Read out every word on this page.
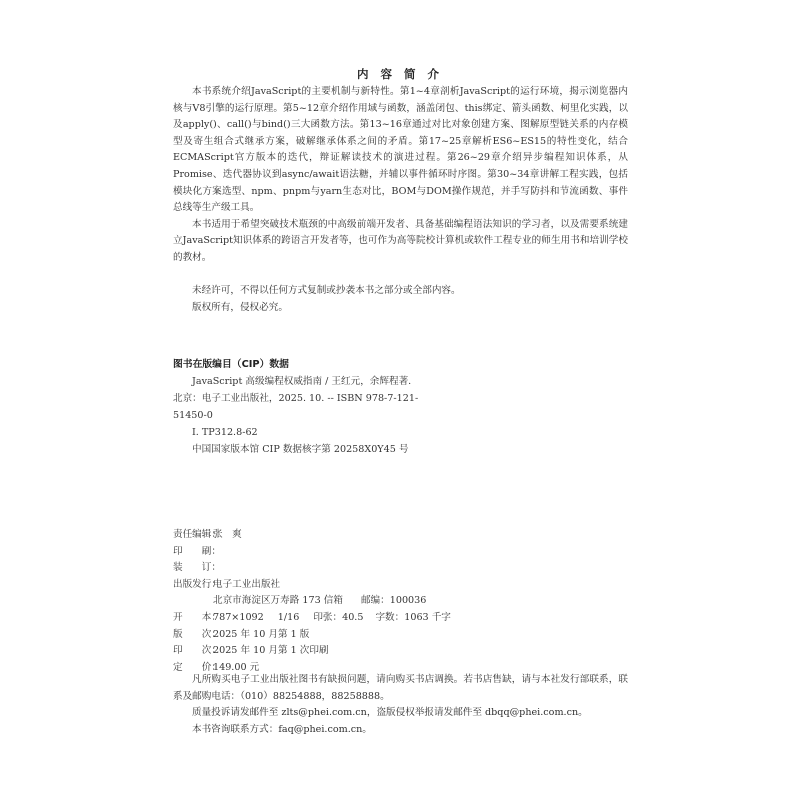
内 容 简 介

本书系统介绍JavaScript的主要机制与新特性。第1~4章剖析JavaScript的运行环境，揭示浏览器内核与V8引擎的运行原理。第5~12章介绍作用域与函数，涵盖闭包、this绑定、箭头函数、柯里化实践，以及apply()、call()与bind()三大函数方法。第13~16章通过对比对象创建方案、图解原型链关系的内存模型及寄生组合式继承方案，破解继承体系之间的矛盾。第17~25章解析ES6~ES15的特性变化，结合ECMAScript官方版本的迭代，辩证解读技术的演进过程。第26~29章介绍异步编程知识体系，从Promise、迭代器协议到async/await语法糖，并辅以事件循环时序图。第30~34章讲解工程实践，包括模块化方案选型、npm、pnpm与yarn生态对比，BOM与DOM操作规范，并手写防抖和节流函数、事件总线等生产级工具。

本书适用于希望突破技术瓶颈的中高级前端开发者、具备基础编程语法知识的学习者，以及需要系统建立JavaScript知识体系的跨语言开发者等，也可作为高等院校计算机或软件工程专业的师生用书和培训学校的教材。

未经许可，不得以任何方式复制或抄袭本书之部分或全部内容。
版权所有，侵权必究。
图书在版编目（CIP）数据
JavaScript 高级编程权威指南 / 王红元，余辉程著.
北京：电子工业出版社，2025. 10. -- ISBN 978-7-121-
51450-0
Ⅰ. TP312.8-62
中国国家版本馆 CIP 数据核字第 20258X0Y45 号
责任编辑：
张　爽
印　　刷：
装　　订：
出版发行：
电子工业出版社
北京市海淀区万寿路 173 信箱 邮编： 100036
开　　本：
787×1092 1/16 印张： 40.5 字数： 1063 千字
版　　次：
2025 年 10 月第 1 版
印　　次：
2025 年 10 月第 1 次印刷
定　　价：
149.00 元

凡所购买电子工业出版社图书有缺损问题，请向购买书店调换。若书店售缺，请与本社发行部联系，联系及邮购电话：（010）88254888，88258888。

质量投诉请发邮件至 zlts@phei.com.cn，盗版侵权举报请发邮件至 dbqq@phei.com.cn。
本书咨询联系方式：faq@phei.com.cn。
